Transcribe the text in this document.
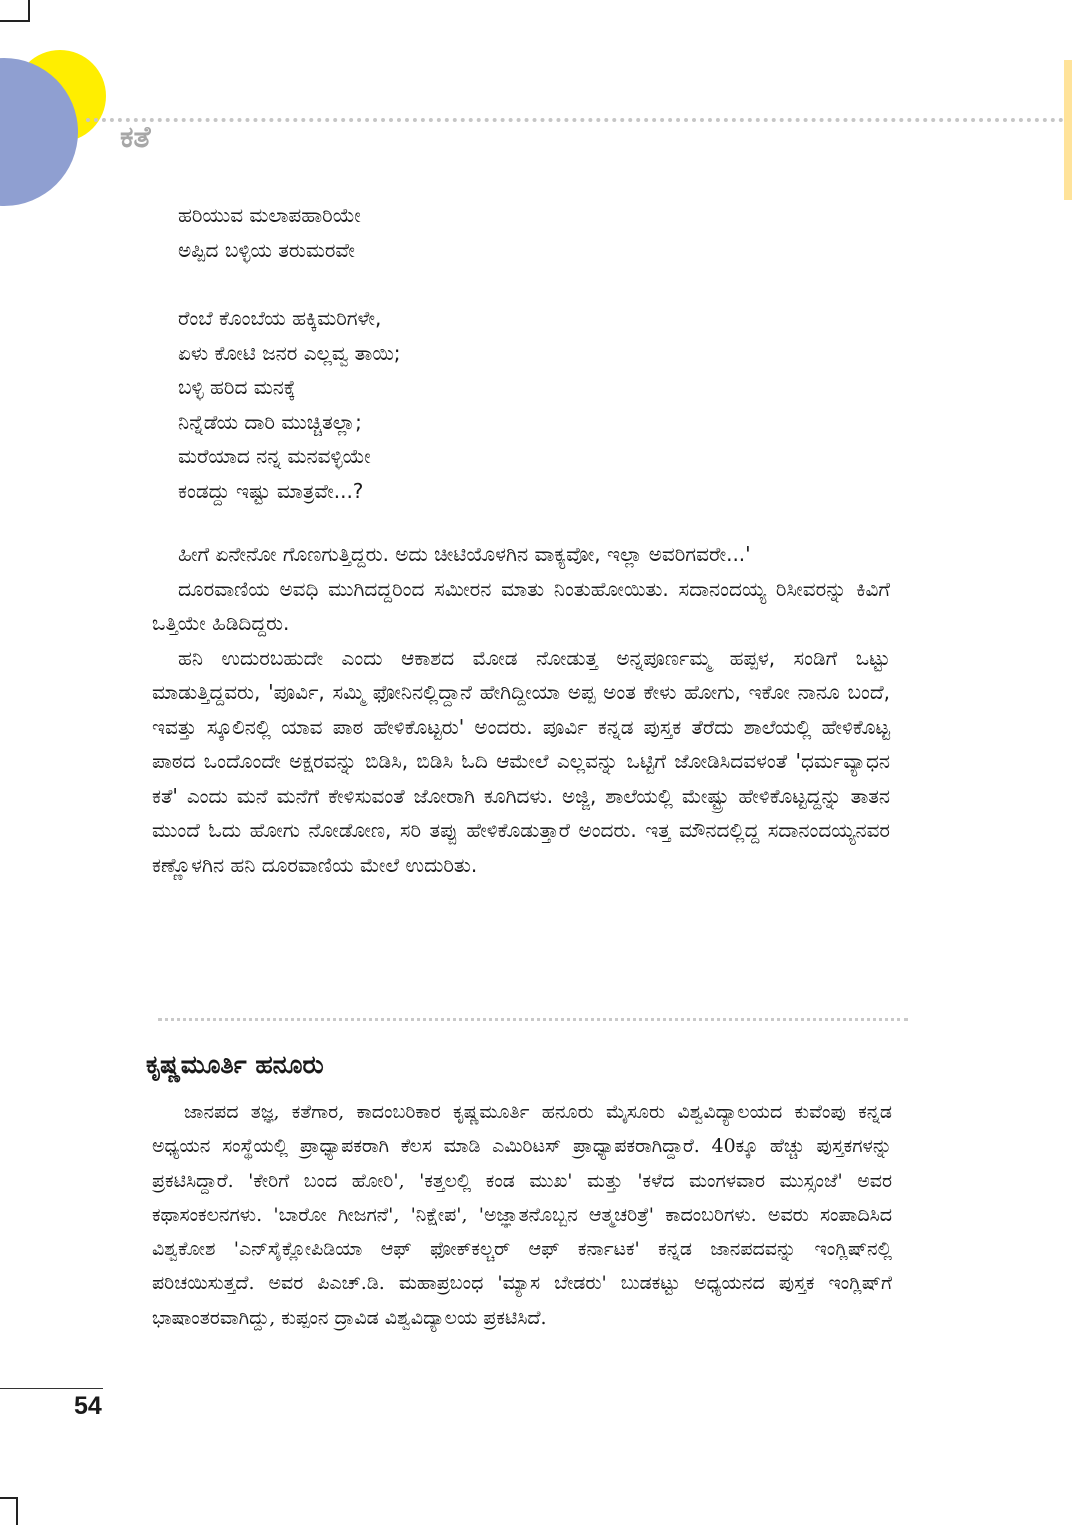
ಕತೆ
ಹರಿಯುವ ಮಲಾಪಹಾರಿಯೇ
ಅಪ್ಪಿದ ಬಳ್ಳಿಯ ತರುಮರವೇ
ರೆಂಬೆ ಕೊಂಬೆಯ ಹಕ್ಕಿಮರಿಗಳೇ,
ಏಳು ಕೋಟಿ ಜನರ ಎಲ್ಲವ್ವ ತಾಯಿ;
ಬಳ್ಳಿ ಹರಿದ ಮನಕ್ಕೆ
ನಿನ್ನೆಡೆಯ ದಾರಿ ಮುಚ್ಚಿತಲ್ಲಾ;
ಮರೆಯಾದ ನನ್ನ ಮನವಳ್ಳಿಯೇ
ಕಂಡದ್ದು ಇಷ್ಟು ಮಾತ್ರವೇ...?

ಹೀಗೆ ಏನೇನೋ ಗೊಣಗುತ್ತಿದ್ದರು. ಅದು ಚೀಟಿಯೊಳಗಿನ ವಾಕ್ಯವೋ, ಇಲ್ಲಾ ಅವರಿಗವರೇ...'

ದೂರವಾಣಿಯ ಅವಧಿ ಮುಗಿದದ್ದರಿಂದ ಸಮೀರನ ಮಾತು ನಿಂತುಹೋಯಿತು. ಸದಾನಂದಯ್ಯ ರಿಸೀವರನ್ನು ಕಿವಿಗೆ ಒತ್ತಿಯೇ ಹಿಡಿದಿದ್ದರು.

ಹನಿ ಉದುರಬಹುದೇ ಎಂದು ಆಕಾಶದ ಮೋಡ ನೋಡುತ್ತ ಅನ್ನಪೂರ್ಣಮ್ಮ ಹಪ್ಪಳ, ಸಂಡಿಗೆ ಒಟ್ಟು ಮಾಡುತ್ತಿದ್ದವರು, 'ಪೂರ್ವಿ, ಸಮ್ಮಿ ಫೋನಿನಲ್ಲಿದ್ದಾನೆ ಹೇಗಿದ್ದೀಯಾ ಅಪ್ಪ ಅಂತ ಕೇಳು ಹೋಗು, ಇಕೋ ನಾನೂ ಬಂದೆ, ಇವತ್ತು ಸ್ಕೂಲಿನಲ್ಲಿ ಯಾವ ಪಾಠ ಹೇಳಿಕೊಟ್ಟರು' ಅಂದರು. ಪೂರ್ವಿ ಕನ್ನಡ ಪುಸ್ತಕ ತೆರೆದು ಶಾಲೆಯಲ್ಲಿ ಹೇಳಿಕೊಟ್ಟ ಪಾಠದ ಒಂದೊಂದೇ ಅಕ್ಷರವನ್ನು ಬಿಡಿಸಿ, ಬಿಡಿಸಿ ಓದಿ ಆಮೇಲೆ ಎಲ್ಲವನ್ನು ಒಟ್ಟಿಗೆ ಜೋಡಿಸಿದವಳಂತೆ 'ಧರ್ಮವ್ಯಾಧನ ಕತೆ' ಎಂದು ಮನೆ ಮನೆಗೆ ಕೇಳಿಸುವಂತೆ ಜೋರಾಗಿ ಕೂಗಿದಳು. ಅಜ್ಜಿ, ಶಾಲೆಯಲ್ಲಿ ಮೇಷ್ಟ್ರು ಹೇಳಿಕೊಟ್ಟದ್ದನ್ನು ತಾತನ ಮುಂದೆ ಓದು ಹೋಗು ನೋಡೋಣ, ಸರಿ ತಪ್ಪು ಹೇಳಿಕೊಡುತ್ತಾರೆ ಅಂದರು. ಇತ್ತ ಮೌನದಲ್ಲಿದ್ದ ಸದಾನಂದಯ್ಯನವರ ಕಣ್ಣೊಳಗಿನ ಹನಿ ದೂರವಾಣಿಯ ಮೇಲೆ ಉದುರಿತು.

ಕೃಷ್ಣಮೂರ್ತಿ ಹನೂರು

ಜಾನಪದ ತಜ್ಞ, ಕತೆಗಾರ, ಕಾದಂಬರಿಕಾರ ಕೃಷ್ಣಮೂರ್ತಿ ಹನೂರು ಮೈಸೂರು ವಿಶ್ವವಿದ್ಯಾಲಯದ ಕುವೆಂಪು ಕನ್ನಡ ಅಧ್ಯಯನ ಸಂಸ್ಥೆಯಲ್ಲಿ ಪ್ರಾಧ್ಯಾಪಕರಾಗಿ ಕೆಲಸ ಮಾಡಿ ಎಮಿರಿಟಸ್ ಪ್ರಾಧ್ಯಾಪಕರಾಗಿದ್ದಾರೆ. 40ಕ್ಕೂ ಹೆಚ್ಚು ಪುಸ್ತಕಗಳನ್ನು ಪ್ರಕಟಿಸಿದ್ದಾರೆ. 'ಕೇರಿಗೆ ಬಂದ ಹೋರಿ', 'ಕತ್ತಲಲ್ಲಿ ಕಂಡ ಮುಖ' ಮತ್ತು 'ಕಳೆದ ಮಂಗಳವಾರ ಮುಸ್ಸಂಜೆ' ಅವರ ಕಥಾಸಂಕಲನಗಳು. 'ಬಾರೋ ಗೀಜಗನೆ', 'ನಿಕ್ಷೇಪ', 'ಅಜ್ಞಾತನೊಬ್ಬನ ಆತ್ಮಚರಿತ್ರೆ' ಕಾದಂಬರಿಗಳು. ಅವರು ಸಂಪಾದಿಸಿದ ವಿಶ್ವಕೋಶ 'ಎನ್‌ಸೈಕ್ಲೋಪಿಡಿಯಾ ಆಫ್ ಫೋಕ್‌ಕಲ್ಚರ್ ಆಫ್ ಕರ್ನಾಟಕ' ಕನ್ನಡ ಜಾನಪದವನ್ನು ಇಂಗ್ಲಿಷ್‌ನಲ್ಲಿ ಪರಿಚಯಿಸುತ್ತದೆ. ಅವರ ಪಿಎಚ್.ಡಿ. ಮಹಾಪ್ರಬಂಧ 'ಮ್ಯಾಸ ಬೇಡರು' ಬುಡಕಟ್ಟು ಅಧ್ಯಯನದ ಪುಸ್ತಕ ಇಂಗ್ಲಿಷ್‌ಗೆ ಭಾಷಾಂತರವಾಗಿದ್ದು, ಕುಪ್ಪಂನ ದ್ರಾವಿಡ ವಿಶ್ವವಿದ್ಯಾಲಯ ಪ್ರಕಟಿಸಿದೆ.

54
